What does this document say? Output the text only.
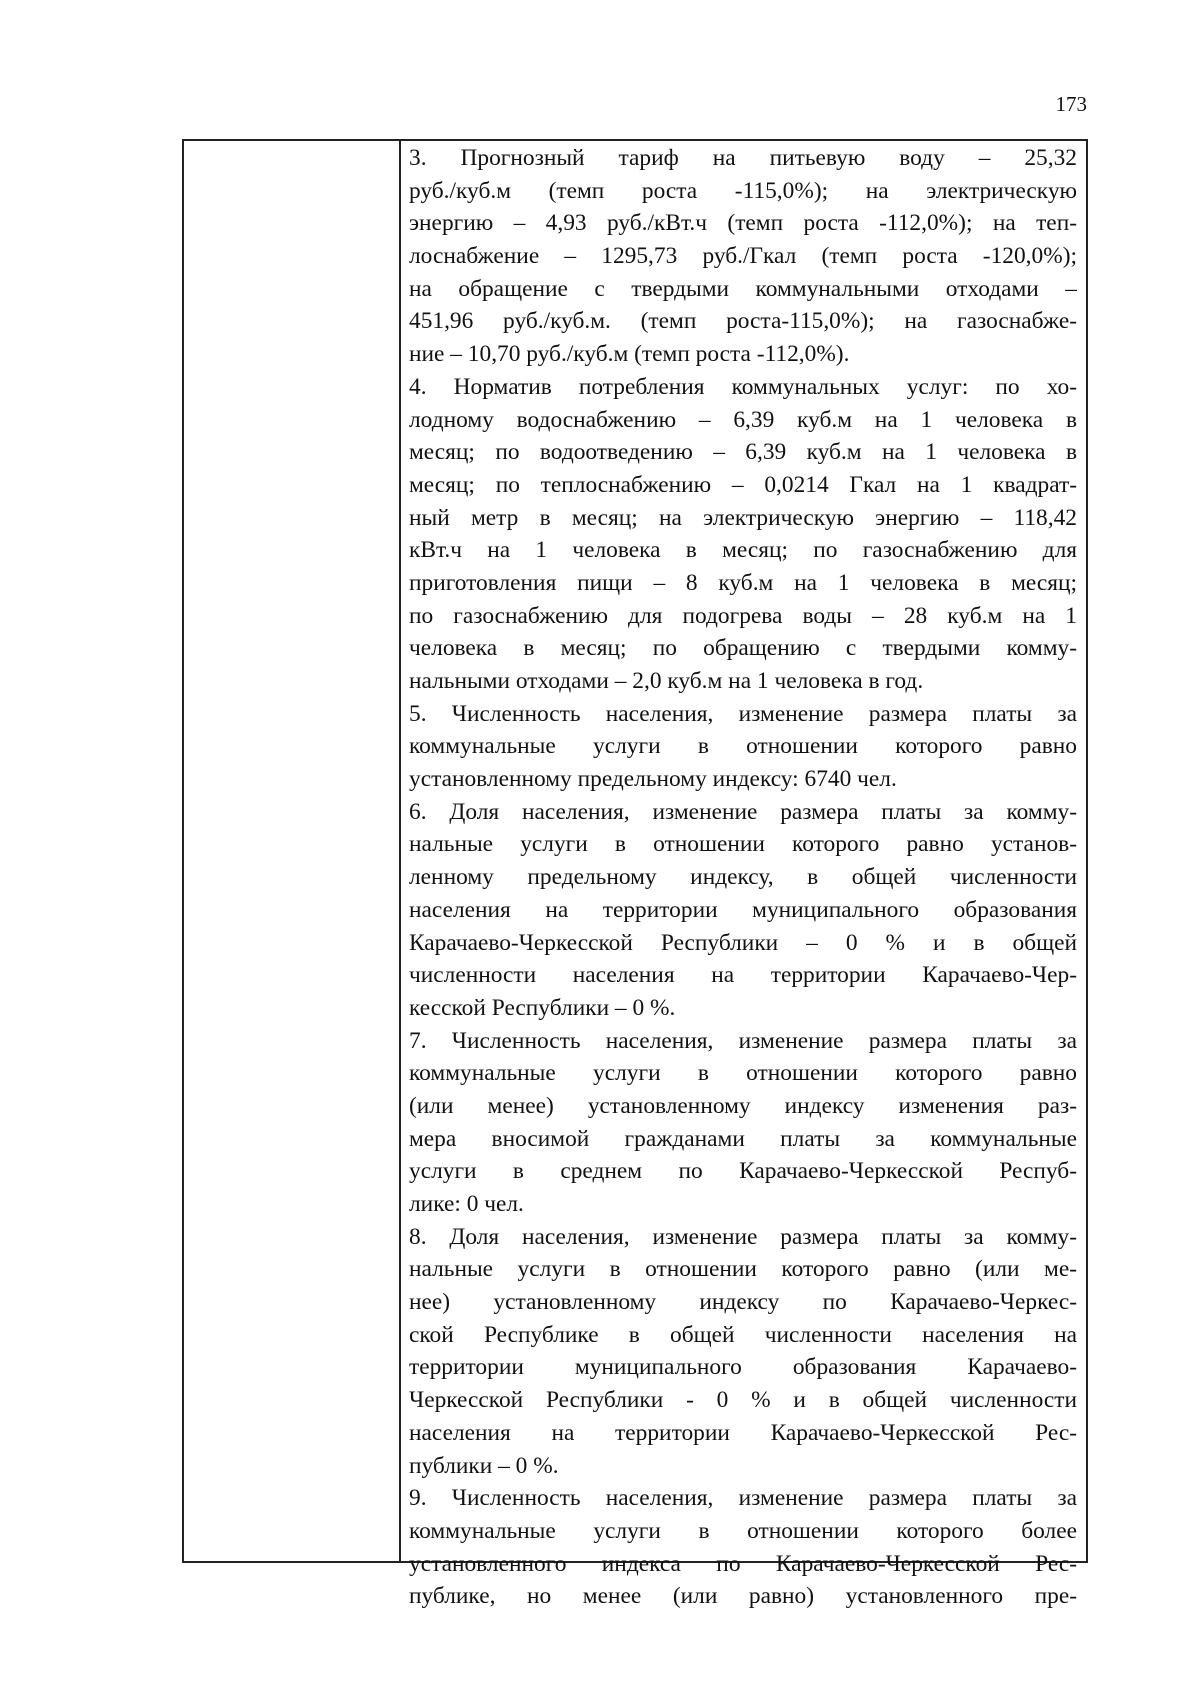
173
3. Прогнозный тариф на питьевую воду – 25,32
руб./куб.м (темп роста -115,0%); на электрическую
энергию – 4,93 руб./кВт.ч (темп роста -112,0%); на теп-
лоснабжение – 1295,73 руб./Гкал (темп роста -120,0%);
на обращение с твердыми коммунальными отходами –
451,96 руб./куб.м. (темп роста-115,0%); на газоснабже-
ние – 10,70 руб./куб.м (темп роста -112,0%).
4. Норматив потребления коммунальных услуг: по хо-
лодному водоснабжению – 6,39 куб.м на 1 человека в
месяц; по водоотведению – 6,39 куб.м на 1 человека в
месяц; по теплоснабжению – 0,0214 Гкал на 1 квадрат-
ный метр в месяц; на электрическую энергию – 118,42
кВт.ч на 1 человека в месяц; по газоснабжению для
приготовления пищи – 8 куб.м на 1 человека в месяц;
по газоснабжению для подогрева воды – 28 куб.м на 1
человека в месяц; по обращению с твердыми комму-
нальными отходами – 2,0 куб.м на 1 человека в год.
5. Численность населения, изменение размера платы за
коммунальные услуги в отношении которого равно
установленному предельному индексу: 6740 чел.
6. Доля населения, изменение размера платы за комму-
нальные услуги в отношении которого равно установ-
ленному предельному индексу, в общей численности
населения на территории муниципального образования
Карачаево-Черкесской Республики – 0 % и в общей
численности населения на территории Карачаево-Чер-
кесской Республики – 0 %.
7. Численность населения, изменение размера платы за
коммунальные услуги в отношении которого равно
(или менее) установленному индексу изменения раз-
мера вносимой гражданами платы за коммунальные
услуги в среднем по Карачаево-Черкесской Респуб-
лике: 0 чел.
8. Доля населения, изменение размера платы за комму-
нальные услуги в отношении которого равно (или ме-
нее) установленному индексу по Карачаево-Черкес-
ской Республике в общей численности населения на
территории муниципального образования Карачаево-
Черкесской Республики - 0 % и в общей численности
населения на территории Карачаево-Черкесской Рес-
публики – 0 %.
9. Численность населения, изменение размера платы за
коммунальные услуги в отношении которого более
установленного индекса по Карачаево-Черкесской Рес-
публике, но менее (или равно) установленного пре-
